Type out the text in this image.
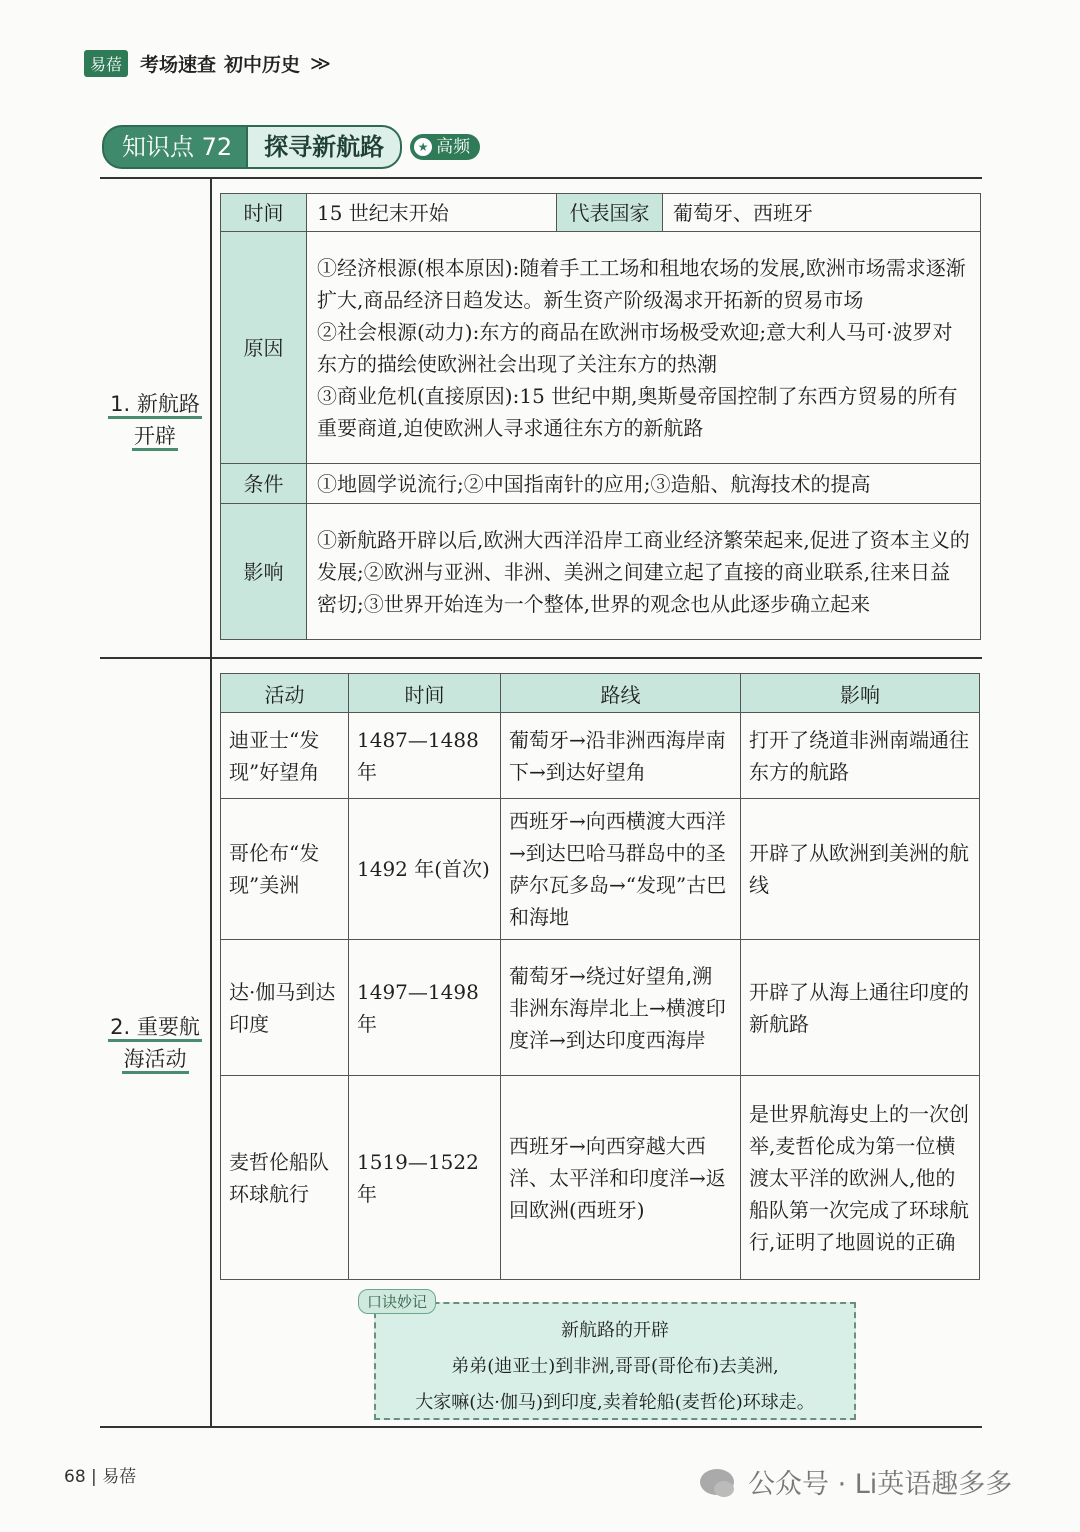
易蓓 考场速查 初中历史 ≫
知识点 72	探寻新航路	★ 高频
1. 新航路
开辟
时间	15 世纪末开始	代表国家	葡萄牙、西班牙
原因	①经济根源(根本原因):随着手工工场和租地农场的发展,欧洲市场需求逐渐扩大,商品经济日趋发达。新生资产阶级渴求开拓新的贸易市场
②社会根源(动力):东方的商品在欧洲市场极受欢迎;意大利人马可·波罗对东方的描绘使欧洲社会出现了关注东方的热潮
③商业危机(直接原因):15 世纪中期,奥斯曼帝国控制了东西方贸易的所有重要商道,迫使欧洲人寻求通往东方的新航路		

条件	①地圆学说流行;②中国指南针的应用;③造船、航海技术的提高		
影响	①新航路开辟以后,欧洲大西洋沿岸工商业经济繁荣起来,促进了资本主义的发展;②欧洲与亚洲、非洲、美洲之间建立起了直接的商业联系,往来日益密切;③世界开始连为一个整体,世界的观念也从此逐步确立起来		
2. 重要航
海活动
活动	时间	路线	影响
迪亚士“发现”好望角	1487—1488 年	葡萄牙→沿非洲西海岸南下→到达好望角	打开了绕道非洲南端通往东方的航路
哥伦布“发现”美洲	1492 年(首次)	西班牙→向西横渡大西洋→到达巴哈马群岛中的圣萨尔瓦多岛→“发现”古巴和海地	开辟了从欧洲到美洲的航线
达·伽马到达印度	1497—1498 年	葡萄牙→绕过好望角,溯非洲东海岸北上→横渡印度洋→到达印度西海岸	开辟了从海上通往印度的新航路
麦哲伦船队环球航行	1519—1522 年	西班牙→向西穿越大西洋、太平洋和印度洋→返回欧洲(西班牙)	是世界航海史上的一次创举,麦哲伦成为第一位横渡太平洋的欧洲人,他的船队第一次完成了环球航行,证明了地圆说的正确
新航路的开辟
弟弟(迪亚士)到非洲,哥哥(哥伦布)去美洲,
大家嘛(达·伽马)到印度,卖着轮船(麦哲伦)环球走。
口诀妙记
68 | 易蓓	公众号 · Li英语趣多多
